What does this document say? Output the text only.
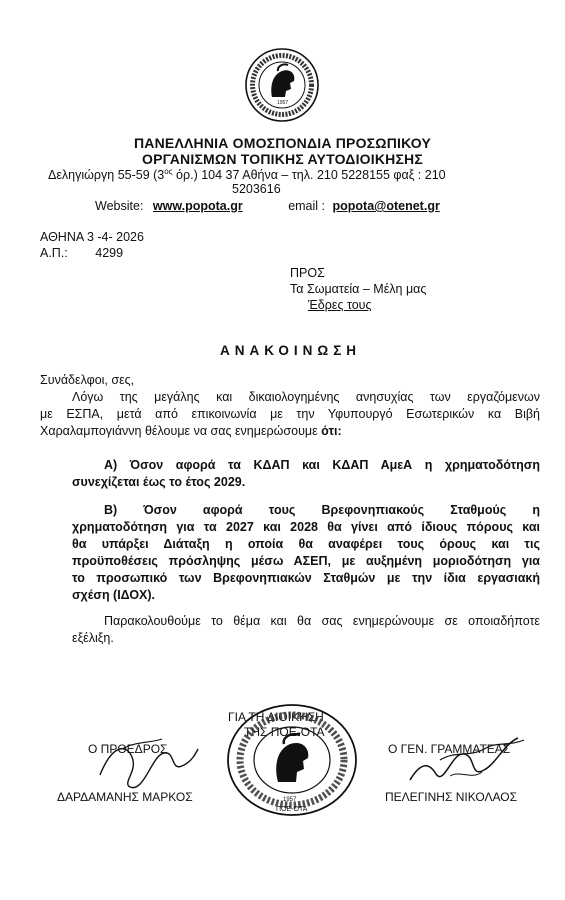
1957
ΠΑΝΕΛΛΗΝΙΑ ΟΜΟΣΠΟΝΔΙΑ ΠΡΟΣΩΠΙΚΟΥ
ΟΡΓΑΝΙΣΜΩΝ ΤΟΠΙΚΗΣ ΑΥΤΟΔΙΟΙΚΗΣΗΣ
Δεληγιώργη 55-59 ($3^{o\varsigma}$ όρ.) 104 37 Αθήνα – τηλ. 210 5228155 φαξ : 210
5203616
Website: www.popota.gr	email : popota@otenet.gr
ΑΘΗΝΑ 3 -4- 2026
Α.Π.: 4299
ΠΡΟΣ
Τα Σωματεία – Μέλη μας
Έδρες τους
ΑΝΑΚΟΙΝΩΣΗ
Συνάδελφοι, σες,
Λόγω της μεγάλης και δικαιολογημένης ανησυχίας των εργαζόμενων
με ΕΣΠΑ, μετά από επικοινωνία με την Υφυπουργό Εσωτερικών κα Βιβή
Χαραλαμπογιάννη θέλουμε να σας ενημερώσουμε ότι:
Α) Όσον αφορά τα ΚΔΑΠ και ΚΔΑΠ ΑμεΑ η χρηματοδότηση
συνεχίζεται έως το έτος 2029.
Β) Όσον αφορά τους Βρεφονηπιακούς Σταθμούς η
χρηματοδότηση για τα 2027 και 2028 θα γίνει από ίδιους πόρους και
θα υπάρξει Διάταξη η οποία θα αναφέρει τους όρους και τις
προϋποθέσεις πρόσληψης μέσω ΑΣΕΠ, με αυξημένη μοριοδότηση για
το προσωπικό των Βρεφονηπιακών Σταθμών με την ίδια εργασιακή
σχέση (ΙΔΟΧ).
Παρακολουθούμε το θέμα και θα σας ενημερώνουμε σε οποιαδήποτε
εξέλιξη.
ΓΙΑ ΤΗ ΔΙΟΙΚΗΣΗ
ΤΗΣ ΠΟΕ-ΟΤΑ
1957
ΠΟΕ-ΟΤΑ
Ο ΠΡΟΕΔΡΟΣ
ΔΑΡΔΑΜΑΝΗΣ ΜΑΡΚΟΣ
Ο ΓΕΝ. ΓΡΑΜΜΑΤΕΑΣ
ΠΕΛΕΓΙΝΗΣ ΝΙΚΟΛΑΟΣ
